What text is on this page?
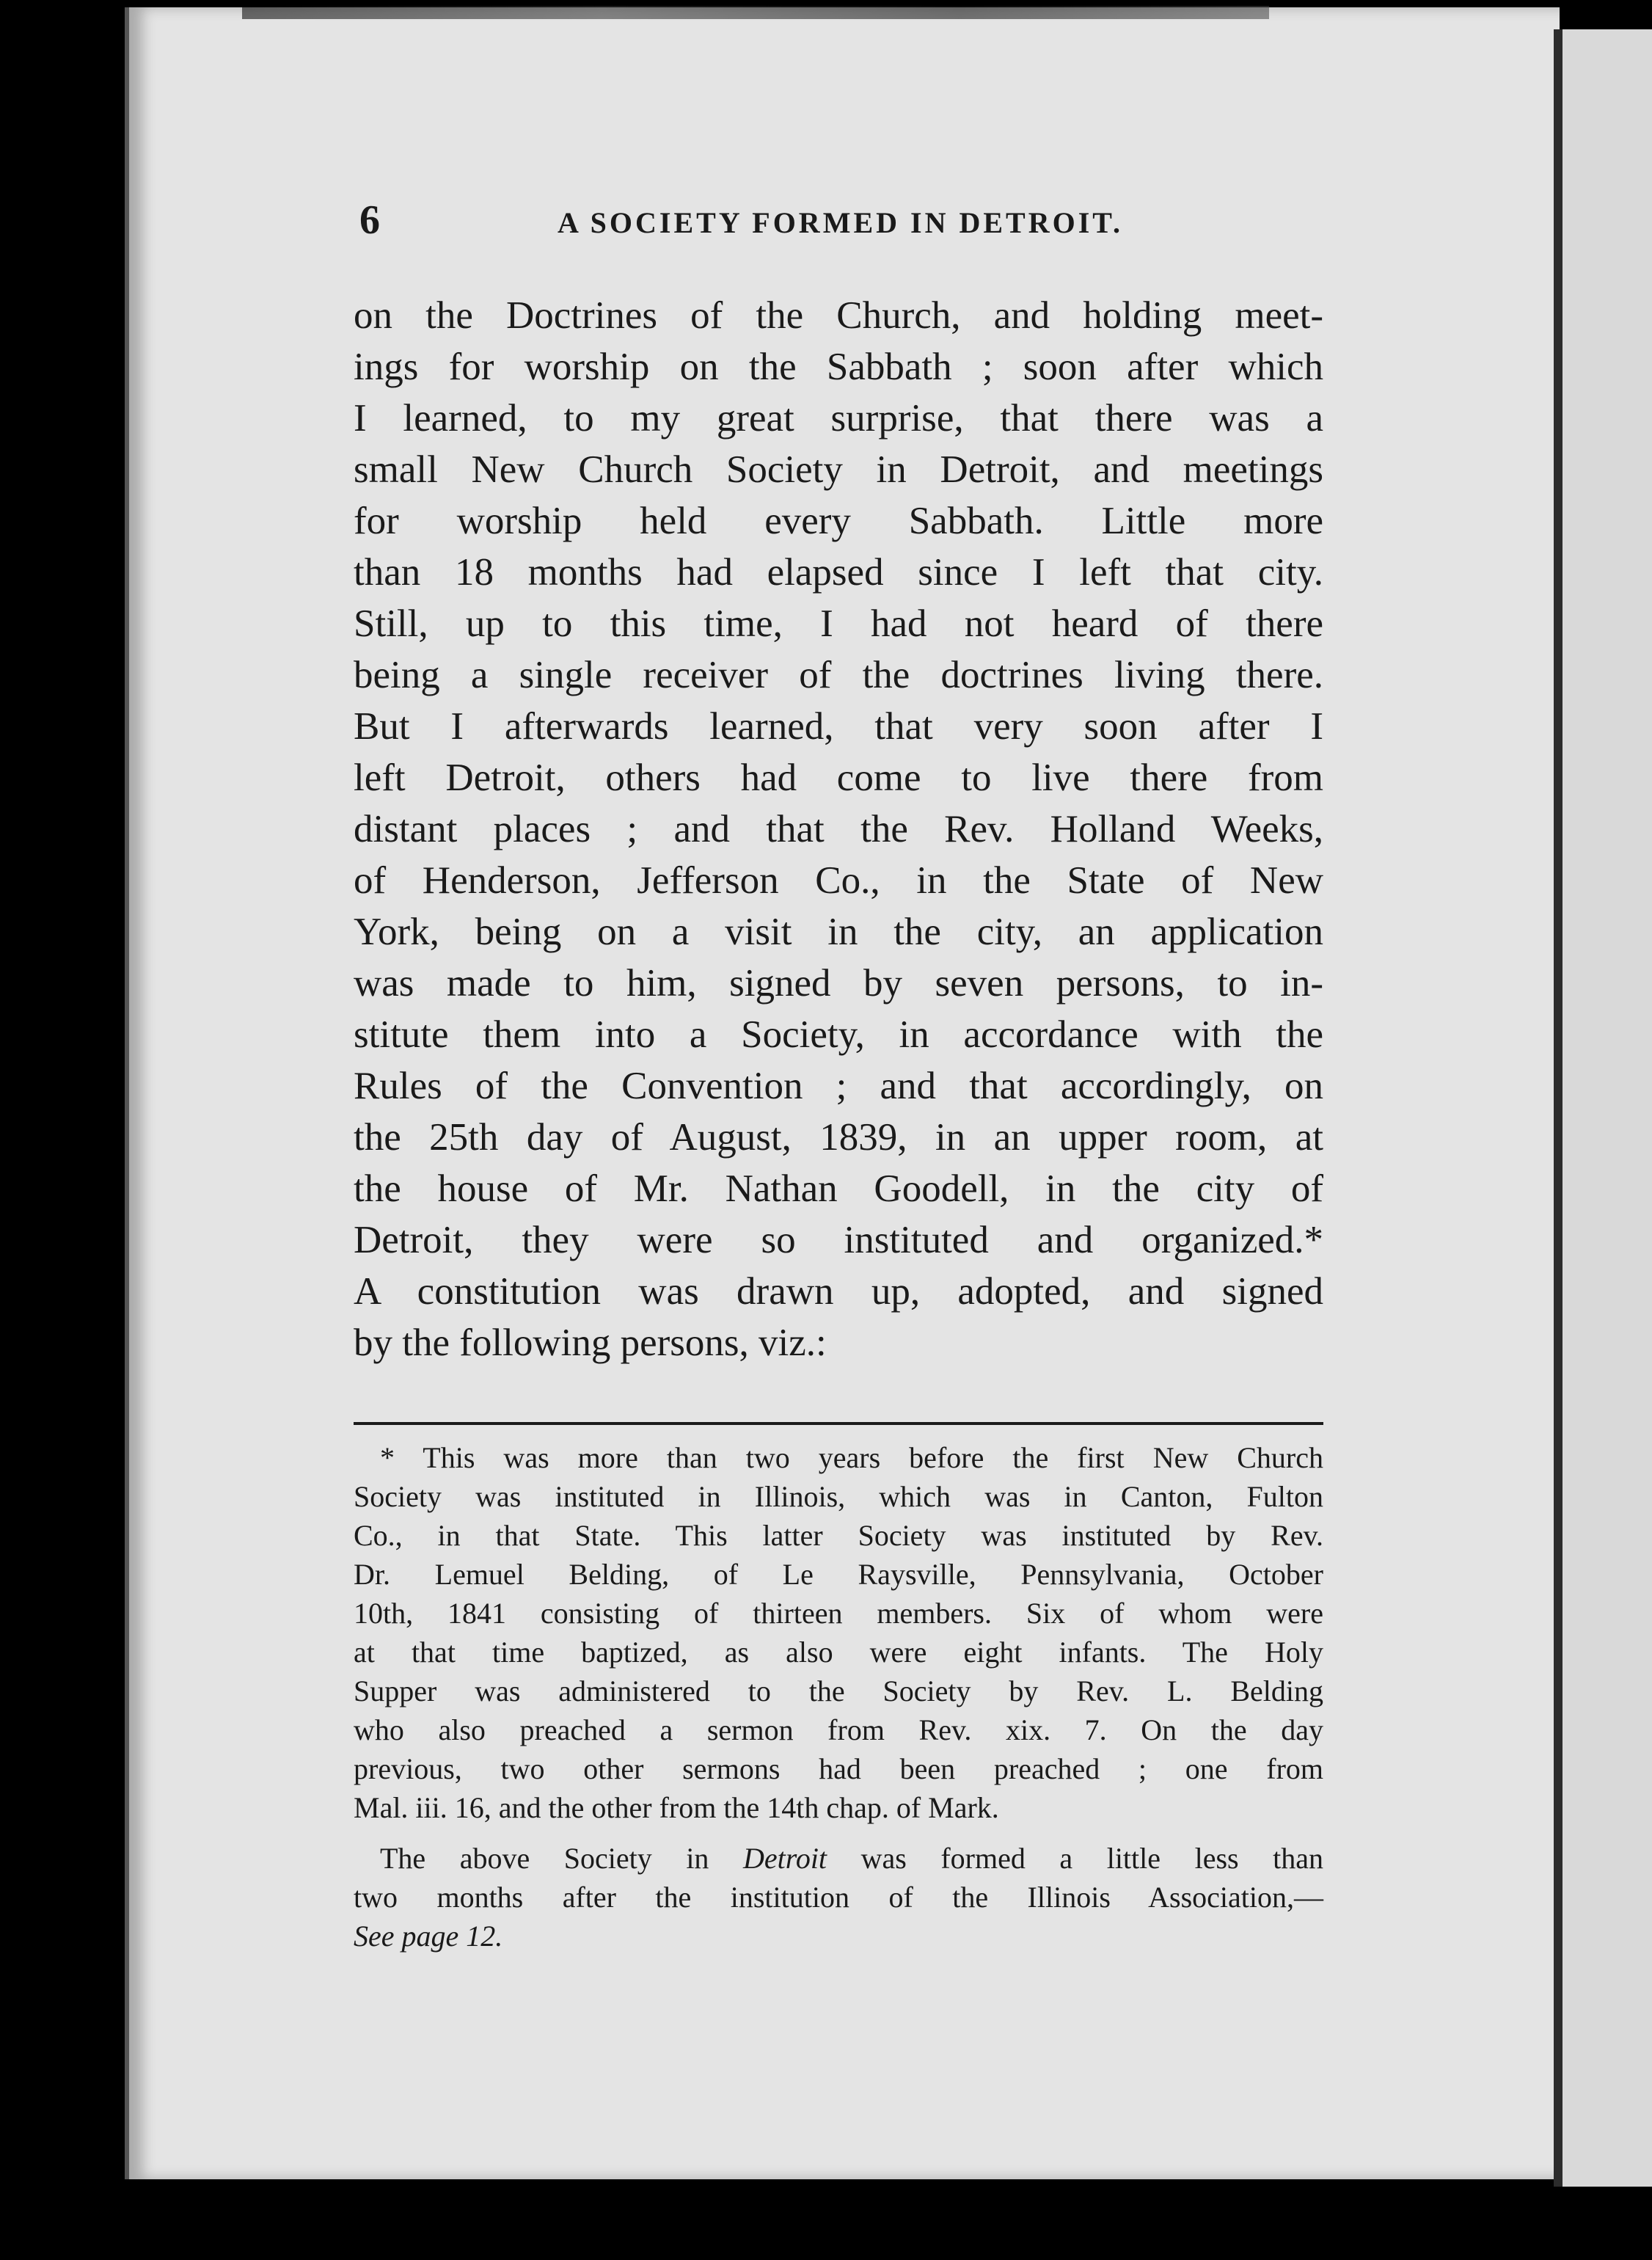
6	A SOCIETY FORMED IN DETROIT.
on the Doctrines of the Church, and holding meet-
ings for worship on the Sabbath ; soon after which
I learned, to my great surprise, that there was a
small New Church Society in Detroit, and meetings
for worship held every Sabbath. Little more
than 18 months had elapsed since I left that city.
Still, up to this time, I had not heard of there
being a single receiver of the doctrines living there.
But I afterwards learned, that very soon after I
left Detroit, others had come to live there from
distant places ; and that the Rev. Holland Weeks,
of Henderson, Jefferson Co., in the State of New
York, being on a visit in the city, an application
was made to him, signed by seven persons, to in-
stitute them into a Society, in accordance with the
Rules of the Convention ; and that accordingly, on
the 25th day of August, 1839, in an upper room, at
the house of Mr. Nathan Goodell, in the city of
Detroit, they were so instituted and organized.*
A constitution was drawn up, adopted, and signed
by the following persons, viz.:
* This was more than two years before the first New Church
Society was instituted in Illinois, which was in Canton, Fulton
Co., in that State. This latter Society was instituted by Rev.
Dr. Lemuel Belding, of Le Raysville, Pennsylvania, October
10th, 1841 consisting of thirteen members. Six of whom were
at that time baptized, as also were eight infants. The Holy
Supper was administered to the Society by Rev. L. Belding
who also preached a sermon from Rev. xix. 7. On the day
previous, two other sermons had been preached ; one from
Mal. iii. 16, and the other from the 14th chap. of Mark.
The above Society in Detroit was formed a little less than
two months after the institution of the Illinois Association,—
See page 12.
